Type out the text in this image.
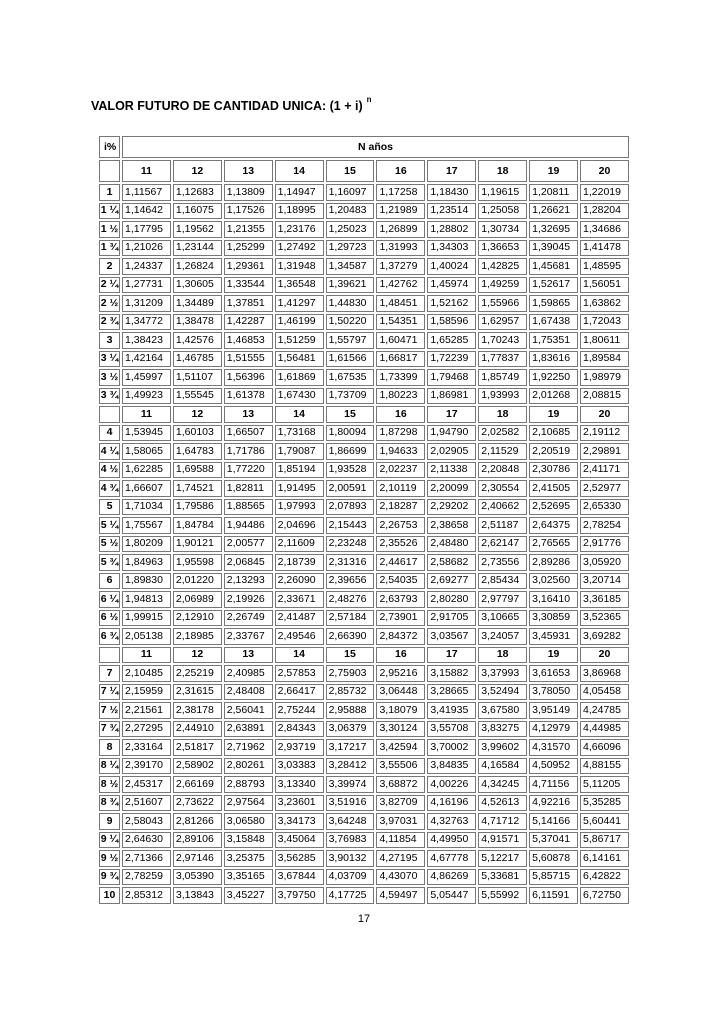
VALOR FUTURO DE CANTIDAD UNICA: (1 + i) $^n$
i%	N años									
	11	12	13	14	15	16	17	18	19	20
1	1,11567	1,12683	1,13809	1,14947	1,16097	1,17258	1,18430	1,19615	1,20811	1,22019
1 ¼	1,14642	1,16075	1,17526	1,18995	1,20483	1,21989	1,23514	1,25058	1,26621	1,28204
1 ½	1,17795	1,19562	1,21355	1,23176	1,25023	1,26899	1,28802	1,30734	1,32695	1,34686
1 ¾	1,21026	1,23144	1,25299	1,27492	1,29723	1,31993	1,34303	1,36653	1,39045	1,41478
2	1,24337	1,26824	1,29361	1,31948	1,34587	1,37279	1,40024	1,42825	1,45681	1,48595
2 ¼	1,27731	1,30605	1,33544	1,36548	1,39621	1,42762	1,45974	1,49259	1,52617	1,56051
2 ½	1,31209	1,34489	1,37851	1,41297	1,44830	1,48451	1,52162	1,55966	1,59865	1,63862
2 ¾	1,34772	1,38478	1,42287	1,46199	1,50220	1,54351	1,58596	1,62957	1,67438	1,72043
3	1,38423	1,42576	1,46853	1,51259	1,55797	1,60471	1,65285	1,70243	1,75351	1,80611
3 ¼	1,42164	1,46785	1,51555	1,56481	1,61566	1,66817	1,72239	1,77837	1,83616	1,89584
3 ½	1,45997	1,51107	1,56396	1,61869	1,67535	1,73399	1,79468	1,85749	1,92250	1,98979
3 ¾	1,49923	1,55545	1,61378	1,67430	1,73709	1,80223	1,86981	1,93993	2,01268	2,08815
	11	12	13	14	15	16	17	18	19	20
4	1,53945	1,60103	1,66507	1,73168	1,80094	1,87298	1,94790	2,02582	2,10685	2,19112
4 ¼	1,58065	1,64783	1,71786	1,79087	1,86699	1,94633	2,02905	2,11529	2,20519	2,29891
4 ½	1,62285	1,69588	1,77220	1,85194	1,93528	2,02237	2,11338	2,20848	2,30786	2,41171
4 ¾	1,66607	1,74521	1,82811	1,91495	2,00591	2,10119	2,20099	2,30554	2,41505	2,52977
5	1,71034	1,79586	1,88565	1,97993	2,07893	2,18287	2,29202	2,40662	2,52695	2,65330
5 ¼	1,75567	1,84784	1,94486	2,04696	2,15443	2,26753	2,38658	2,51187	2,64375	2,78254
5 ½	1,80209	1,90121	2,00577	2,11609	2,23248	2,35526	2,48480	2,62147	2,76565	2,91776
5 ¾	1,84963	1,95598	2,06845	2,18739	2,31316	2,44617	2,58682	2,73556	2,89286	3,05920
6	1,89830	2,01220	2,13293	2,26090	2,39656	2,54035	2,69277	2,85434	3,02560	3,20714
6 ¼	1,94813	2,06989	2,19926	2,33671	2,48276	2,63793	2,80280	2,97797	3,16410	3,36185
6 ½	1,99915	2,12910	2,26749	2,41487	2,57184	2,73901	2,91705	3,10665	3,30859	3,52365
6 ¾	2,05138	2,18985	2,33767	2,49546	2,66390	2,84372	3,03567	3,24057	3,45931	3,69282
	11	12	13	14	15	16	17	18	19	20
7	2,10485	2,25219	2,40985	2,57853	2,75903	2,95216	3,15882	3,37993	3,61653	3,86968
7 ¼	2,15959	2,31615	2,48408	2,66417	2,85732	3,06448	3,28665	3,52494	3,78050	4,05458
7 ½	2,21561	2,38178	2,56041	2,75244	2,95888	3,18079	3,41935	3,67580	3,95149	4,24785
7 ¾	2,27295	2,44910	2,63891	2,84343	3,06379	3,30124	3,55708	3,83275	4,12979	4,44985
8	2,33164	2,51817	2,71962	2,93719	3,17217	3,42594	3,70002	3,99602	4,31570	4,66096
8 ¼	2,39170	2,58902	2,80261	3,03383	3,28412	3,55506	3,84835	4,16584	4,50952	4,88155
8 ½	2,45317	2,66169	2,88793	3,13340	3,39974	3,68872	4,00226	4,34245	4,71156	5,11205
8 ¾	2,51607	2,73622	2,97564	3,23601	3,51916	3,82709	4,16196	4,52613	4,92216	5,35285
9	2,58043	2,81266	3,06580	3,34173	3,64248	3,97031	4,32763	4,71712	5,14166	5,60441
9 ¼	2,64630	2,89106	3,15848	3,45064	3,76983	4,11854	4,49950	4,91571	5,37041	5,86717
9 ½	2,71366	2,97146	3,25375	3,56285	3,90132	4,27195	4,67778	5,12217	5,60878	6,14161
9 ¾	2,78259	3,05390	3,35165	3,67844	4,03709	4,43070	4,86269	5,33681	5,85715	6,42822
10	2,85312	3,13843	3,45227	3,79750	4,17725	4,59497	5,05447	5,55992	6,11591	6,72750
17
